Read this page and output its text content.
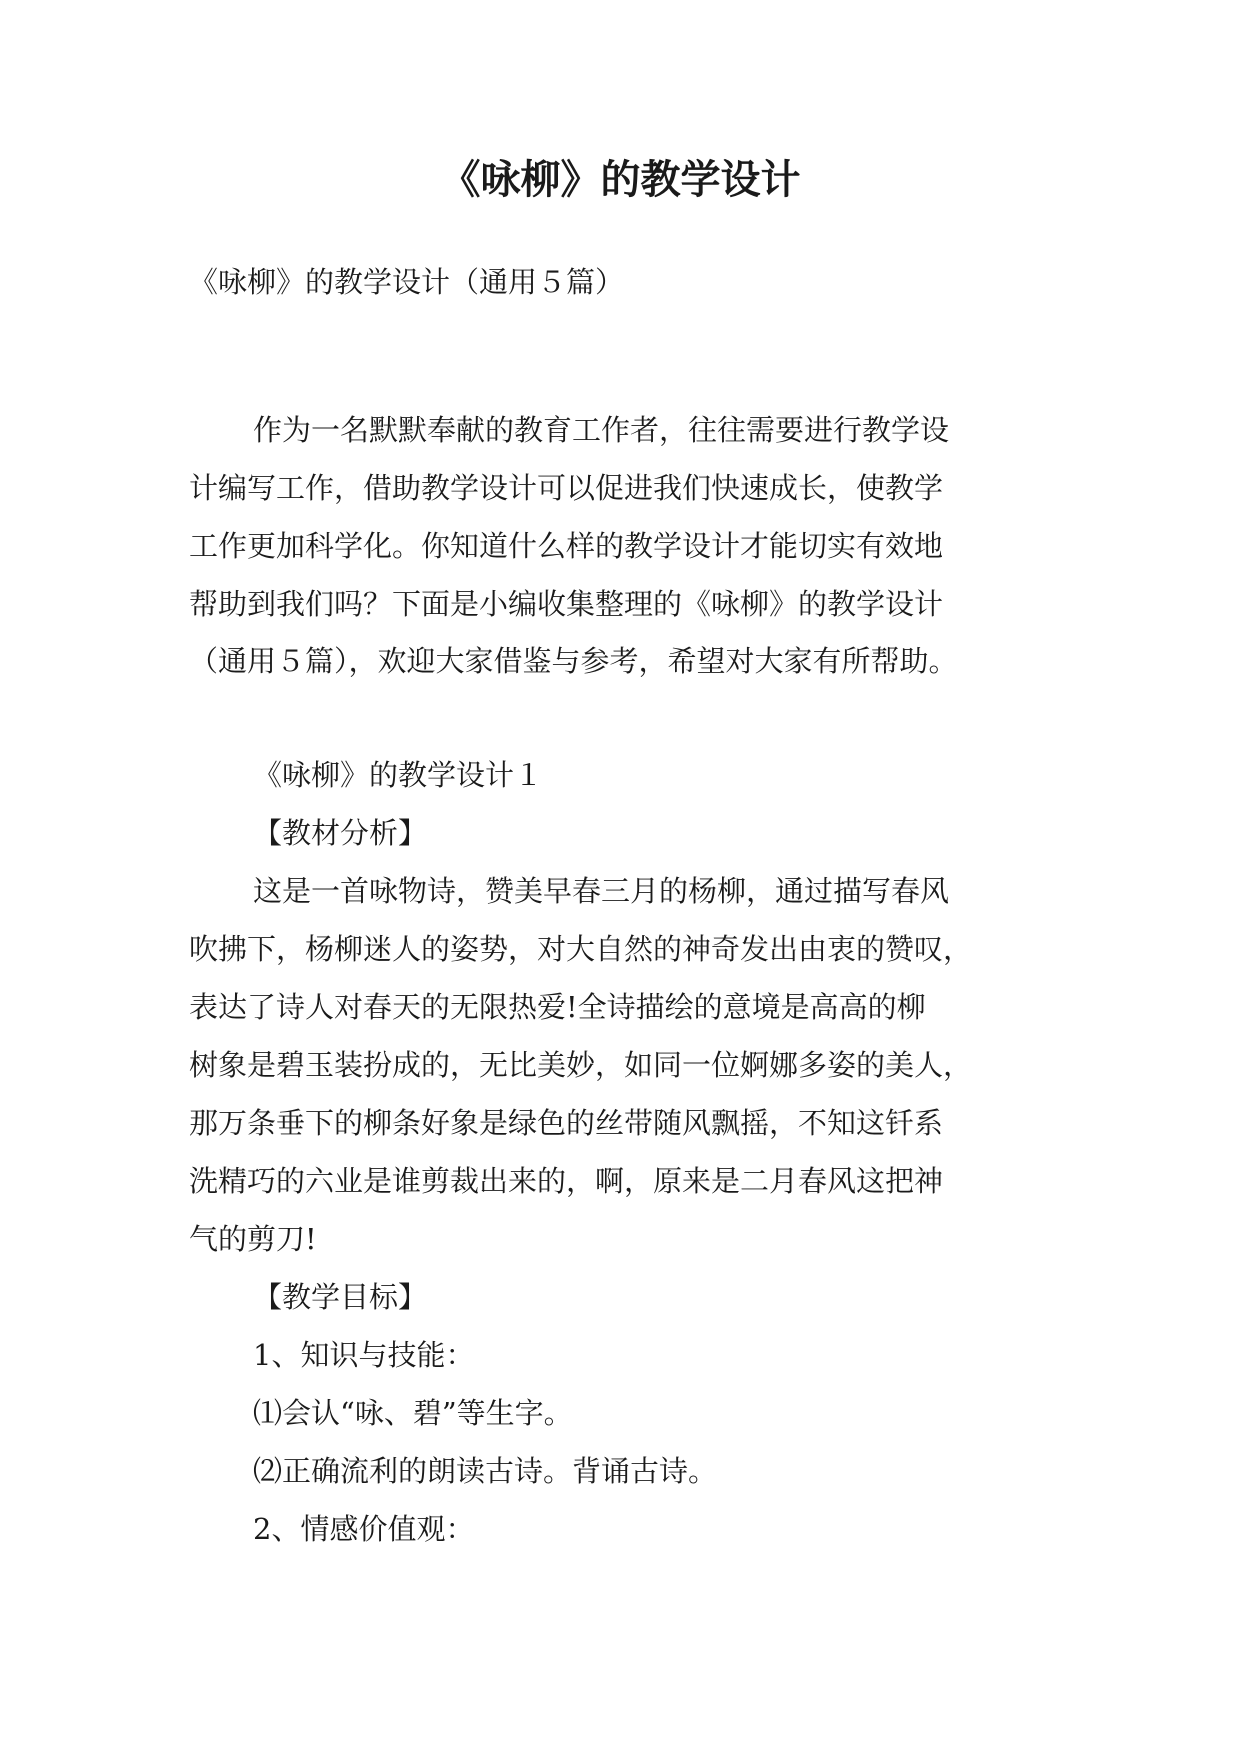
《咏柳》的教学设计
《咏柳》的教学设计（通用５篇）
作为一名默默奉献的教育工作者，往往需要进行教学设
计编写工作，借助教学设计可以促进我们快速成长，使教学
工作更加科学化。你知道什么样的教学设计才能切实有效地
帮助到我们吗？下面是小编收集整理的《咏柳》的教学设计
（通用５篇），欢迎大家借鉴与参考，希望对大家有所帮助。
《咏柳》的教学设计１
【教材分析】
这是一首咏物诗，赞美早春三月的杨柳，通过描写春风
吹拂下，杨柳迷人的姿势，对大自然的神奇发出由衷的赞叹，
表达了诗人对春天的无限热爱!全诗描绘的意境是高高的柳
树象是碧玉装扮成的，无比美妙，如同一位婀娜多姿的美人，
那万条垂下的柳条好象是绿色的丝带随风飘摇，不知这钎系
洗精巧的六业是谁剪裁出来的，啊，原来是二月春风这把神
气的剪刀!
【教学目标】
1、知识与技能：
⑴会认“咏、碧”等生字。
⑵正确流利的朗读古诗。背诵古诗。
2、情感价值观：
